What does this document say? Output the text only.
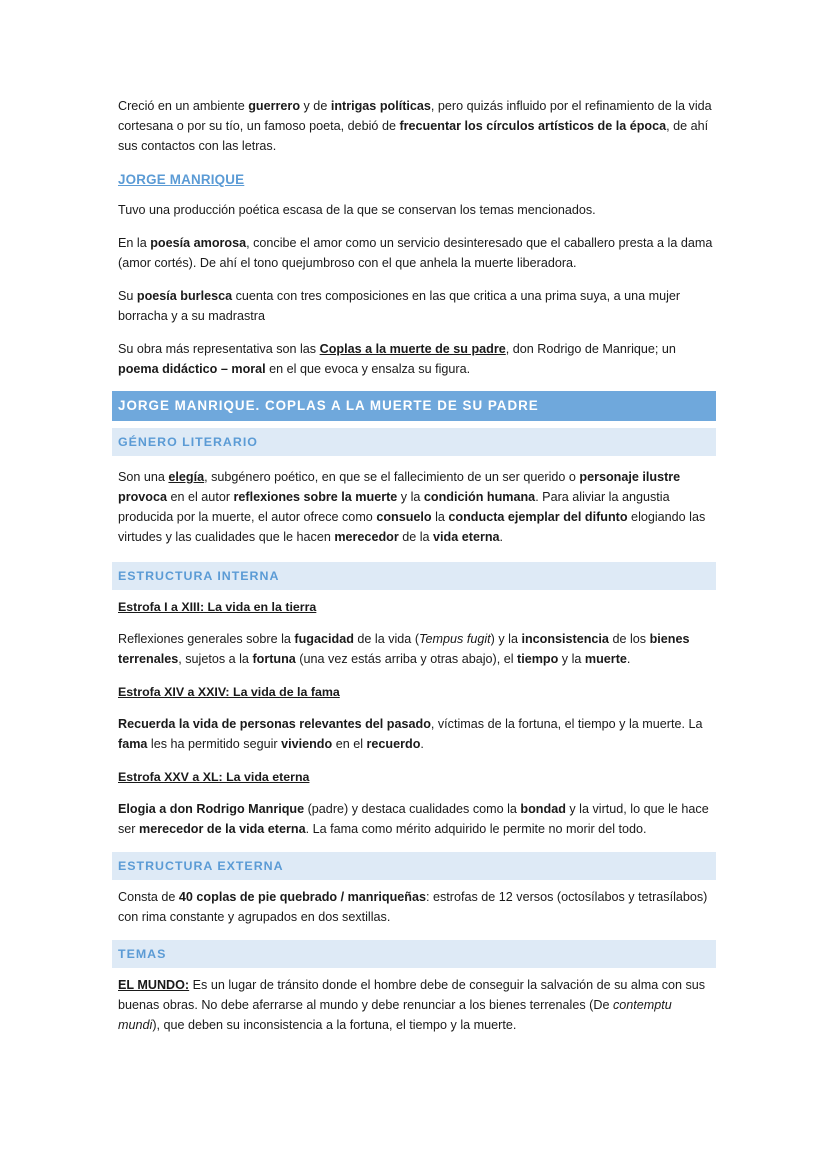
Creció en un ambiente guerrero y de intrigas políticas, pero quizás influido por el refinamiento de la vida cortesana o por su tío, un famoso poeta, debió de frecuentar los círculos artísticos de la época, de ahí sus contactos con las letras.

JORGE MANRIQUE

Tuvo una producción poética escasa de la que se conservan los temas mencionados.

En la poesía amorosa, concibe el amor como un servicio desinteresado que el caballero presta a la dama (amor cortés). De ahí el tono quejumbroso con el que anhela la muerte liberadora.

Su poesía burlesca cuenta con tres composiciones en las que critica a una prima suya, a una mujer borracha y a su madrastra

Su obra más representativa son las Coplas a la muerte de su padre, don Rodrigo de Manrique; un poema didáctico – moral en el que evoca y ensalza su figura.

JORGE MANRIQUE. COPLAS A LA MUERTE DE SU PADRE
GÉNERO LITERARIO

Son una elegía, subgénero poético, en que se el fallecimiento de un ser querido o personaje ilustre provoca en el autor reflexiones sobre la muerte y la condición humana. Para aliviar la angustia producida por la muerte, el autor ofrece como consuelo la conducta ejemplar del difunto elogiando las virtudes y las cualidades que le hacen merecedor de la vida eterna.

ESTRUCTURA INTERNA
Estrofa I a XIII: La vida en la tierra

Reflexiones generales sobre la fugacidad de la vida (Tempus fugit) y la inconsistencia de los bienes terrenales, sujetos a la fortuna (una vez estás arriba y otras abajo), el tiempo y la muerte.

Estrofa XIV a XXIV: La vida de la fama

Recuerda la vida de personas relevantes del pasado, víctimas de la fortuna, el tiempo y la muerte. La fama les ha permitido seguir viviendo en el recuerdo.

Estrofa XXV a XL: La vida eterna

Elogia a don Rodrigo Manrique (padre) y destaca cualidades como la bondad y la virtud, lo que le hace ser merecedor de la vida eterna. La fama como mérito adquirido le permite no morir del todo.

ESTRUCTURA EXTERNA

Consta de 40 coplas de pie quebrado / manriqueñas: estrofas de 12 versos (octosílabos y tetrasílabos) con rima constante y agrupados en dos sextillas.

TEMAS

EL MUNDO: Es un lugar de tránsito donde el hombre debe de conseguir la salvación de su alma con sus buenas obras. No debe aferrarse al mundo y debe renunciar a los bienes terrenales (De contemptu mundi), que deben su inconsistencia a la fortuna, el tiempo y la muerte.
